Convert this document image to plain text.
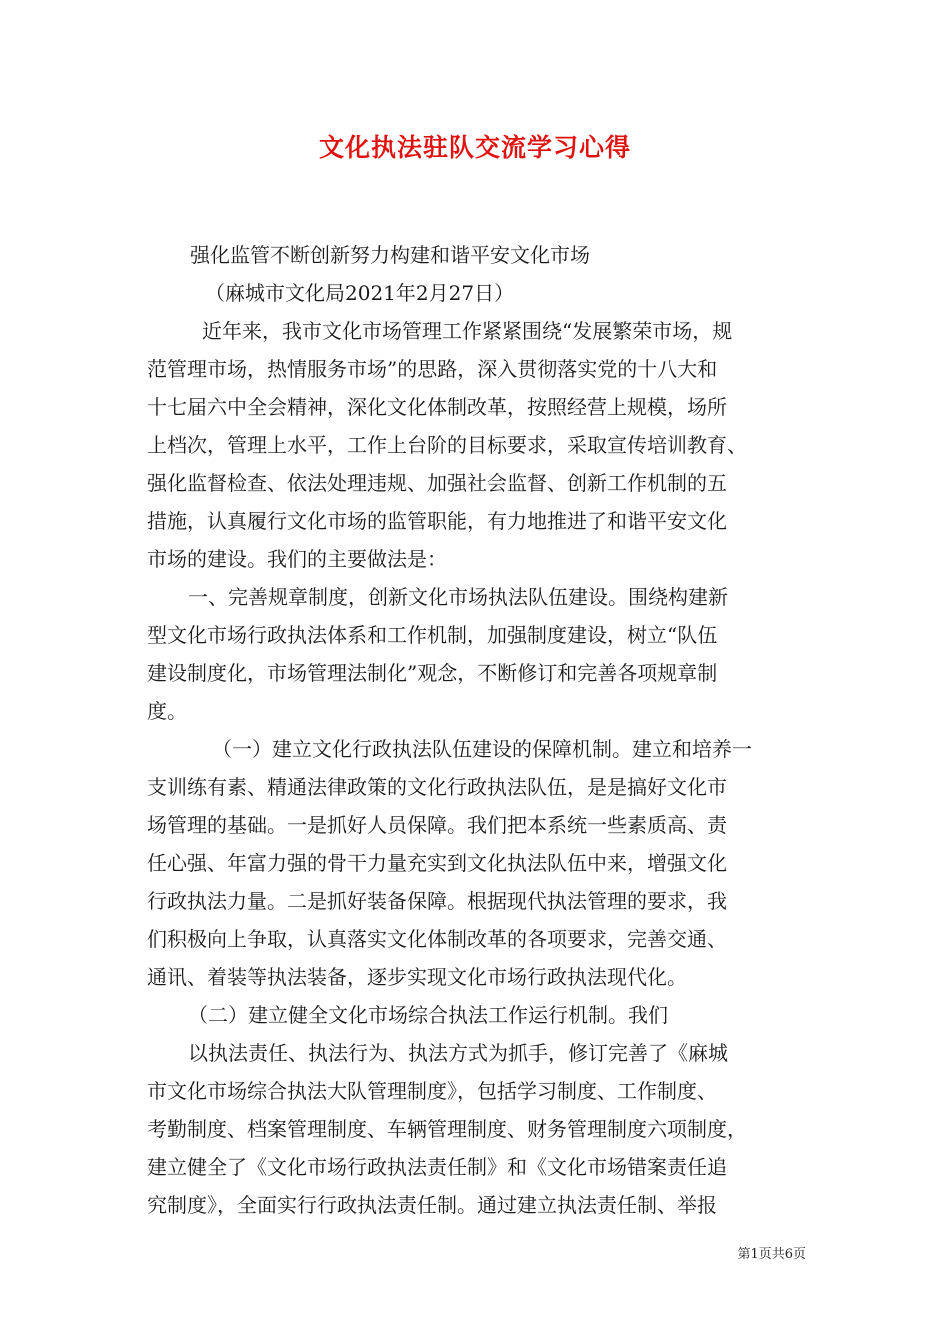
文化执法驻队交流学习心得
强化监管不断创新努力构建和谐平安文化市场
（麻城市文化局2021年2月27日）
近年来，我市文化市场管理工作紧紧围绕“发展繁荣市场，规
范管理市场，热情服务市场”的思路，深入贯彻落实党的十八大和
十七届六中全会精神，深化文化体制改革，按照经营上规模，场所
上档次，管理上水平，工作上台阶的目标要求，采取宣传培训教育、
强化监督检查、依法处理违规、加强社会监督、创新工作机制的五
措施，认真履行文化市场的监管职能，有力地推进了和谐平安文化
市场的建设。我们的主要做法是：
一、完善规章制度，创新文化市场执法队伍建设。围绕构建新
型文化市场行政执法体系和工作机制，加强制度建设，树立“队伍
建设制度化，市场管理法制化”观念，不断修订和完善各项规章制
度。
（一）建立文化行政执法队伍建设的保障机制。建立和培养一
支训练有素、精通法律政策的文化行政执法队伍，是是搞好文化市
场管理的基础。一是抓好人员保障。我们把本系统一些素质高、责
任心强、年富力强的骨干力量充实到文化执法队伍中来，增强文化
行政执法力量。二是抓好装备保障。根据现代执法管理的要求，我
们积极向上争取，认真落实文化体制改革的各项要求，完善交通、
通讯、着装等执法装备，逐步实现文化市场行政执法现代化。
（二）建立健全文化市场综合执法工作运行机制。我们
以执法责任、执法行为、执法方式为抓手，修订完善了《麻城
市文化市场综合执法大队管理制度》，包括学习制度、工作制度、
考勤制度、档案管理制度、车辆管理制度、财务管理制度六项制度，
建立健全了《文化市场行政执法责任制》和《文化市场错案责任追
究制度》，全面实行行政执法责任制。通过建立执法责任制、举报
第1页共6页
